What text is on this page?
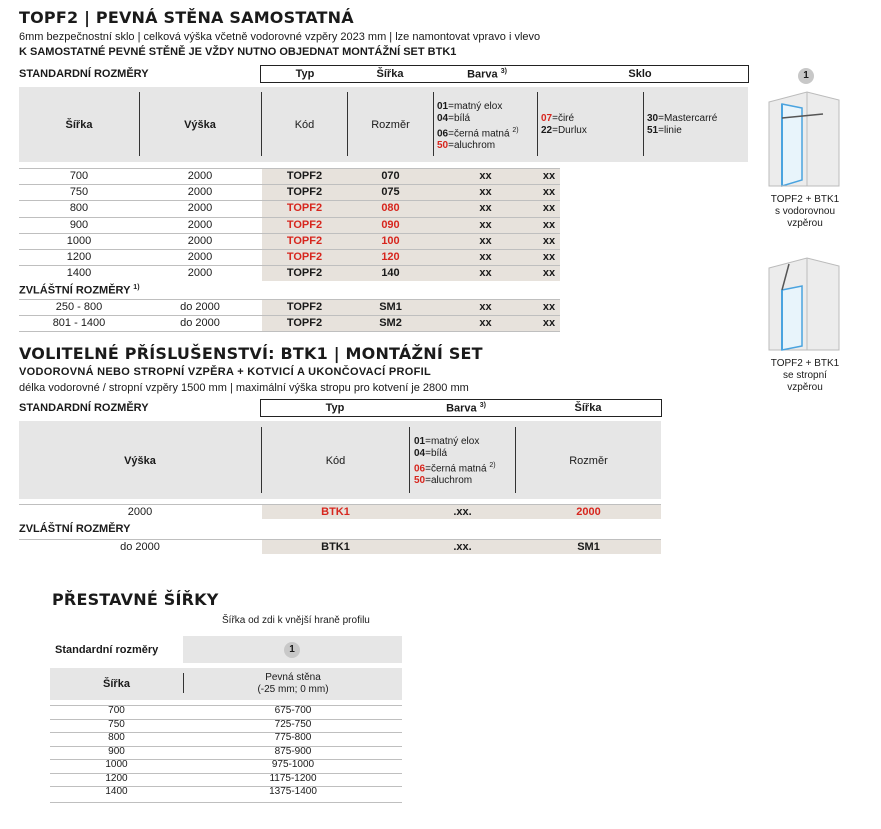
TOPF2 | PEVNÁ STĚNA SAMOSTATNÁ
6mm bezpečnostní sklo | celková výška včetně vodorovné vzpěry 2023 mm | lze namontovat vpravo i vlevo
K SAMOSTATNÉ PEVNÉ STĚNĚ JE VŽDY NUTNO OBJEDNAT MONTÁŽNÍ SET BTK1
STANDARDNÍ ROZMĚRY	Typ	Šířka	Barva $^{3)}$	Sklo
Šířka	Výška	Kód	Rozměr
01=matný elox
04=bílá
06=černá matná $^{2)}$
50=aluchrom
07=čiré
22=Durlux
30=Mastercarré
51=linie
700	2000	TOPF2	070	xx	xx
750	2000	TOPF2	075	xx	xx
800	2000	TOPF2	080	xx	xx
900	2000	TOPF2	090	xx	xx
1000	2000	TOPF2	100	xx	xx
1200	2000	TOPF2	120	xx	xx
1400	2000	TOPF2	140	xx	xx
ZVLÁŠTNÍ ROZMĚRY $^{1)}$
250 - 800	do 2000	TOPF2	SM1	xx	xx
801 - 1400	do 2000	TOPF2	SM2	xx	xx
VOLITELNÉ PŘÍSLUŠENSTVÍ: BTK1 | MONTÁŽNÍ SET
VODOROVNÁ NEBO STROPNÍ VZPĚRA + KOTVICÍ A UKONČOVACÍ PROFIL
délka vodorovné / stropní vzpěry 1500 mm | maximální výška stropu pro kotvení je 2800 mm
STANDARDNÍ ROZMĚRY	Typ	Barva $^{3)}$	Šířka
Výška	Kód	Rozměr
01=matný elox
04=bílá
06=černá matná $^{2)}$
50=aluchrom
2000	BTK1	.xx.	2000
ZVLÁŠTNÍ ROZMĚRY
do 2000	BTK1	.xx.	SM1
PŘESTAVNÉ ŠÍŘKY
Šířka od zdi k vnější hraně profilu
Standardní rozměry	1
Šířka
Pevná stěna
(-25 mm; 0 mm)
700	675-700
750	725-750
800	775-800
900	875-900
1000	975-1000
1200	1175-1200
1400	1375-1400
1
TOPF2 + BTK1
s vodorovnou
vzpěrou
TOPF2 + BTK1
se stropní
vzpěrou
